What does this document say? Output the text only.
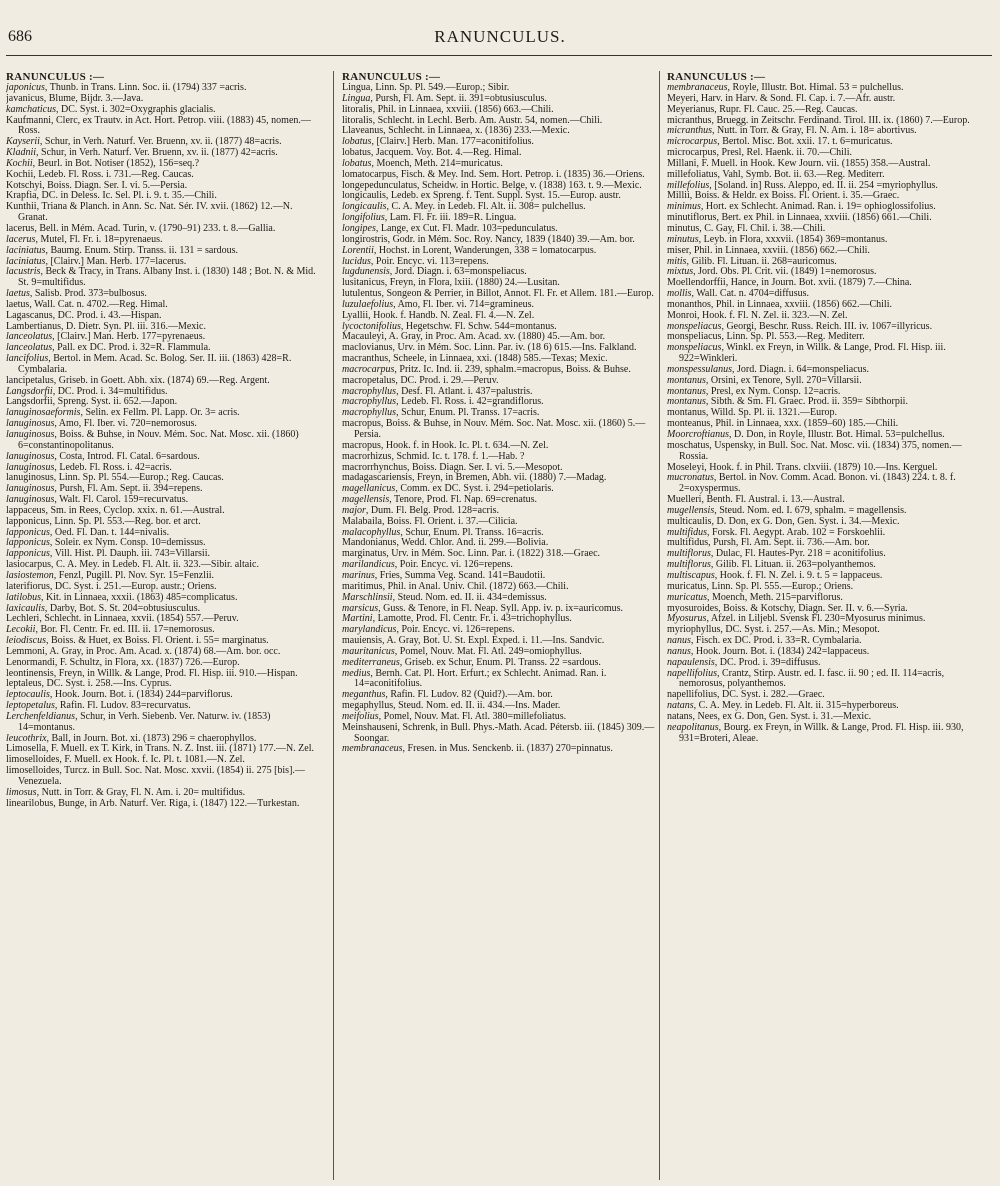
686	RANUNCULUS.
RANUNCULUS :—

japonicus, Thunb. in Trans. Linn. Soc. ii. (1794) 337 =acris.

javanicus, Blume, Bijdr. 3.—Java.

kamchaticus, DC. Syst. i. 302=Oxygraphis glacialis.

Kaufmanni, Clerc, ex Trautv. in Act. Hort. Petrop. viii. (1883) 45, nomen.—Ross.

Kayserii, Schur, in Verh. Naturf. Ver. Bruenn, xv. ii. (1877) 48=acris.

Kladnii, Schur, in Verh. Naturf. Ver. Bruenn, xv. ii. (1877) 42=acris.

Kochii, Beurl. in Bot. Notiser (1852), 156=seq.?

Kochii, Ledeb. Fl. Ross. i. 731.—Reg. Caucas.

Kotschyi, Boiss. Diagn. Ser. I. vi. 5.—Persia.

Krapfia, DC. in Deless. Ic. Sel. Pl. i. 9. t. 35.—Chili.

Kunthii, Triana & Planch. in Ann. Sc. Nat. Sér. IV. xvii. (1862) 12.—N. Granat.

lacerus, Bell. in Mém. Acad. Turin, v. (1790–91) 233. t. 8.—Gallia.

lacerus, Mutel, Fl. Fr. i. 18=pyrenaeus.

laciniatus, Baumg. Enum. Stirp. Transs. ii. 131 = sardous.

laciniatus, [Clairv.] Man. Herb. 177=lacerus.

lacustris, Beck & Tracy, in Trans. Albany Inst. i. (1830) 148 ; Bot. N. & Mid. St. 9=multifidus.

laetus, Salisb. Prod. 373=bulbosus.

laetus, Wall. Cat. n. 4702.—Reg. Himal.

Lagascanus, DC. Prod. i. 43.—Hispan.

Lambertianus, D. Dietr. Syn. Pl. iii. 316.—Mexic.

lanceolatus, [Clairv.] Man. Herb. 177=pyrenaeus.

lanceolatus, Pall. ex DC. Prod. i. 32=R. Flammula.

lancifolius, Bertol. in Mem. Acad. Sc. Bolog. Ser. II. iii. (1863) 428=R. Cymbalaria.

lancipetalus, Griseb. in Goett. Abh. xix. (1874) 69.—Reg. Argent.

Langsdorfii, DC. Prod. i. 34=multifidus.

Langsdorfii, Spreng. Syst. ii. 652.—Japon.

lanuginosaeformis, Selin. ex Fellm. Pl. Lapp. Or. 3= acris.

lanuginosus, Amo, Fl. Iber. vi. 720=nemorosus.

lanuginosus, Boiss. & Buhse, in Nouv. Mém. Soc. Nat. Mosc. xii. (1860) 6=constantinopolitanus.

lanuginosus, Costa, Introd. Fl. Catal. 6=sardous.

lanuginosus, Ledeb. Fl. Ross. i. 42=acris.

lanuginosus, Linn. Sp. Pl. 554.—Europ.; Reg. Caucas.

lanuginosus, Pursh, Fl. Am. Sept. ii. 394=repens.

lanuginosus, Walt. Fl. Carol. 159=recurvatus.

lappaceus, Sm. in Rees, Cyclop. xxix. n. 61.—Austral.

lapponicus, Linn. Sp. Pl. 553.—Reg. bor. et arct.

lapponicus, Oed. Fl. Dan. t. 144=nivalis.

lapponicus, Soleir. ex Nym. Consp. 10=demissus.

lapponicus, Vill. Hist. Pl. Dauph. iii. 743=Villarsii.

lasiocarpus, C. A. Mey. in Ledeb. Fl. Alt. ii. 323.—Sibir. altaic.

lasiostemon, Fenzl, Pugill. Pl. Nov. Syr. 15=Fenzlii.

laterifiorus, DC. Syst. i. 251.—Europ. austr.; Oriens.

latilobus, Kit. in Linnaea, xxxii. (1863) 485=complicatus.

laxicaulis, Darby, Bot. S. St. 204=obtusiusculus.

Lechleri, Schlecht. in Linnaea, xxvii. (1854) 557.—Peruv.

Lecokii, Bor. Fl. Centr. Fr. ed. III. ii. 17=nemorosus.

leiodiscus, Boiss. & Huet, ex Boiss. Fl. Orient. i. 55= marginatus.

Lemmoni, A. Gray, in Proc. Am. Acad. x. (1874) 68.—Am. bor. occ.

Lenormandi, F. Schultz, in Flora, xx. (1837) 726.—Europ.

leontinensis, Freyn, in Willk. & Lange, Prod. Fl. Hisp. iii. 910.—Hispan.

leptaleus, DC. Syst. i. 258.—Ins. Cyprus.

leptocaulis, Hook. Journ. Bot. i. (1834) 244=parviflorus.

leptopetalus, Rafin. Fl. Ludov. 83=recurvatus.

Lerchenfeldianus, Schur, in Verh. Siebenb. Ver. Naturw. iv. (1853) 14=montanus.

leucothrix, Ball, in Journ. Bot. xi. (1873) 296 = chaerophyllos.

Limosella, F. Muell. ex T. Kirk, in Trans. N. Z. Inst. iii. (1871) 177.—N. Zel.

limoselloides, F. Muell. ex Hook. f. Ic. Pl. t. 1081.—N. Zel.

limoselloides, Turcz. in Bull. Soc. Nat. Mosc. xxvii. (1854) ii. 275 [bis].—Venezuela.

limosus, Nutt. in Torr. & Gray, Fl. N. Am. i. 20= multifidus.

linearilobus, Bunge, in Arb. Naturf. Ver. Riga, i. (1847) 122.—Turkestan.

RANUNCULUS :—

Lingua, Linn. Sp. Pl. 549.—Europ.; Sibir.

Lingua, Pursh, Fl. Am. Sept. ii. 391=obtusiusculus.

litoralis, Phil. in Linnaea, xxviii. (1856) 663.—Chili.

litoralis, Schlecht. in Lechl. Berb. Am. Austr. 54, nomen.—Chili.

Llaveanus, Schlecht. in Linnaea, x. (1836) 233.—Mexic.

lobatus, [Clairv.] Herb. Man. 177=aconitifolius.

lobatus, Jacquem. Voy. Bot. 4.—Reg. Himal.

lobatus, Moench, Meth. 214=muricatus.

lomatocarpus, Fisch. & Mey. Ind. Sem. Hort. Petrop. i. (1835) 36.—Oriens.

longepedunculatus, Scheidw. in Hortic. Belge, v. (1838) 163. t. 9.—Mexic.

longicaulis, Ledeb. ex Spreng. f. Tent. Suppl. Syst. 15.—Europ. austr.

longicaulis, C. A. Mey. in Ledeb. Fl. Alt. ii. 308= pulchellus.

longifolius, Lam. Fl. Fr. iii. 189=R. Lingua.

longipes, Lange, ex Cut. Fl. Madr. 103=pedunculatus.

longirostris, Godr. in Mém. Soc. Roy. Nancy, 1839 (1840) 39.—Am. bor.

Lorentii, Hochst. in Lorent, Wanderungen, 338 = lomatocarpus.

lucidus, Poir. Encyc. vi. 113=repens.

lugdunensis, Jord. Diagn. i. 63=monspeliacus.

lusitanicus, Freyn, in Flora, lxiii. (1880) 24.—Lusitan.

lutulentus, Songeon & Perrier, in Billot, Annot. Fl. Fr. et Allem. 181.—Europ.

luzulaefolius, Amo, Fl. Iber. vi. 714=gramineus.

Lyallii, Hook. f. Handb. N. Zeal. Fl. 4.—N. Zel.

lycoctonifolius, Hegetschw. Fl. Schw. 544=montanus.

Macauleyi, A. Gray, in Proc. Am. Acad. xv. (1880) 45.—Am. bor.

maclovianus, Urv. in Mém. Soc. Linn. Par. iv. (18 6) 615.—Ins. Falkland.

macranthus, Scheele, in Linnaea, xxi. (1848) 585.—Texas; Mexic.

macrocarpus, Pritz. Ic. Ind. ii. 239, sphalm.=macropus, Boiss. & Buhse.

macropetalus, DC. Prod. i. 29.—Peruv.

macrophyllus, Desf. Fl. Atlant. i. 437=palustris.

macrophyllus, Ledeb. Fl. Ross. i. 42=grandiflorus.

macrophyllus, Schur, Enum. Pl. Transs. 17=acris.

macropus, Boiss. & Buhse, in Nouv. Mém. Soc. Nat. Mosc. xii. (1860) 5.—Persia.

macropus, Hook. f. in Hook. Ic. Pl. t. 634.—N. Zel.

macrorhizus, Schmid. Ic. t. 178. f. 1.—Hab. ?

macrorrhynchus, Boiss. Diagn. Ser. I. vi. 5.—Mesopot.

madagascariensis, Freyn, in Bremen, Abh. vii. (1880) 7.—Madag.

magellanicus, Comm. ex DC. Syst. i. 294=petiolaris.

magellensis, Tenore, Prod. Fl. Nap. 69=crenatus.

major, Dum. Fl. Belg. Prod. 128=acris.

Malabaila, Boiss. Fl. Orient. i. 37.—Cilicia.

malacophyllus, Schur, Enum. Pl. Transs. 16=acris.

Mandonianus, Wedd. Chlor. And. ii. 299.—Bolivia.

marginatus, Urv. in Mém. Soc. Linn. Par. i. (1822) 318.—Graec.

marilandicus, Poir. Encyc. vi. 126=repens.

marinus, Fries, Summa Veg. Scand. 141=Baudotii.

maritimus, Phil. in Anal. Univ. Chil. (1872) 663.—Chili.

Marschlinsii, Steud. Nom. ed. II. ii. 434=demissus.

marsicus, Guss. & Tenore, in Fl. Neap. Syll. App. iv. p. ix=auricomus.

Martini, Lamotte, Prod. Fl. Centr. Fr. i. 43=trichophyllus.

marylandicus, Poir. Encyc. vi. 126=repens.

mauiensis, A. Gray, Bot. U. St. Expl. Exped. i. 11.—Ins. Sandvic.

mauritanicus, Pomel, Nouv. Mat. Fl. Atl. 249=omiophyllus.

mediterraneus, Griseb. ex Schur, Enum. Pl. Transs. 22 =sardous.

medius, Bernh. Cat. Pl. Hort. Erfurt.; ex Schlecht. Animad. Ran. i. 14=aconitifolius.

meganthus, Rafin. Fl. Ludov. 82 (Quid?).—Am. bor.

megaphyllus, Steud. Nom. ed. II. ii. 434.—Ins. Mader.

meifolius, Pomel, Nouv. Mat. Fl. Atl. 380=millefoliatus.

Meinshauseni, Schrenk, in Bull. Phys.-Math. Acad. Pétersb. iii. (1845) 309.—Soongar.

membranaceus, Fresen. in Mus. Senckenb. ii. (1837) 270=pinnatus.

RANUNCULUS :—

membranaceus, Royle, Illustr. Bot. Himal. 53 = pulchellus.

Meyeri, Harv. in Harv. & Sond. Fl. Cap. i. 7.—Afr. austr.

Meyerianus, Rupr. Fl. Cauc. 25.—Reg. Caucas.

micranthus, Bruegg. in Zeitschr. Ferdinand. Tirol. III. ix. (1860) 7.—Europ.

micranthus, Nutt. in Torr. & Gray, Fl. N. Am. i. 18= abortivus.

microcarpus, Bertol. Misc. Bot. xxii. 17. t. 6=muricatus.

microcarpus, Presl, Rel. Haenk. ii. 70.—Chili.

Millani, F. Muell. in Hook. Kew Journ. vii. (1855) 358.—Austral.

millefoliatus, Vahl, Symb. Bot. ii. 63.—Reg. Mediterr.

millefolius, [Soland. in] Russ. Aleppo, ed. II. ii. 254 =myriophyllus.

Millii, Boiss. & Heldr. ex Boiss. Fl. Orient. i. 35.—Graec.

minimus, Hort. ex Schlecht. Animad. Ran. i. 19= ophioglossifolius.

minutiflorus, Bert. ex Phil. in Linnaea, xxviii. (1856) 661.—Chili.

minutus, C. Gay, Fl. Chil. i. 38.—Chili.

minutus, Leyb. in Flora, xxxvii. (1854) 369=montanus.

miser, Phil. in Linnaea, xxviii. (1856) 662.—Chili.

mitis, Gilib. Fl. Lituan. ii. 268=auricomus.

mixtus, Jord. Obs. Pl. Crit. vii. (1849) 1=nemorosus.

Moellendorffii, Hance, in Journ. Bot. xvii. (1879) 7.—China.

mollis, Wall. Cat. n. 4704=diffusus.

monanthos, Phil. in Linnaea, xxviii. (1856) 662.—Chili.

Monroi, Hook. f. Fl. N. Zel. ii. 323.—N. Zel.

monspeliacus, Georgi, Beschr. Russ. Reich. III. iv. 1067=illyricus.

monspeliacus, Linn. Sp. Pl. 553.—Reg. Mediterr.

monspeliacus, Winkl. ex Freyn, in Willk. & Lange, Prod. Fl. Hisp. iii. 922=Winkleri.

monspessulanus, Jord. Diagn. i. 64=monspeliacus.

montanus, Orsini, ex Tenore, Syll. 270=Villarsii.

montanus, Presl, ex Nym. Consp. 12=acris.

montanus, Sibth. & Sm. Fl. Graec. Prod. ii. 359= Sibthorpii.

montanus, Willd. Sp. Pl. ii. 1321.—Europ.

monteanus, Phil. in Linnaea, xxx. (1859–60) 185.—Chili.

Moorcroftianus, D. Don, in Royle, Illustr. Bot. Himal. 53=pulchellus.

moschatus, Uspensky, in Bull. Soc. Nat. Mosc. vii. (1834) 375, nomen.—Rossia.

Moseleyi, Hook. f. in Phil. Trans. clxviii. (1879) 10.—Ins. Kerguel.

mucronatus, Bertol. in Nov. Comm. Acad. Bonon. vi. (1843) 224. t. 8. f. 2=oxyspermus.

Muelleri, Benth. Fl. Austral. i. 13.—Austral.

mugellensis, Steud. Nom. ed. I. 679, sphalm. = magellensis.

multicaulis, D. Don, ex G. Don, Gen. Syst. i. 34.—Mexic.

multifidus, Forsk. Fl. Aegypt. Arab. 102 = Forskoehlii.

multifidus, Pursh, Fl. Am. Sept. ii. 736.—Am. bor.

multiflorus, Dulac, Fl. Hautes-Pyr. 218 = aconitifolius.

multiflorus, Gilib. Fl. Lituan. ii. 263=polyanthemos.

multiscapus, Hook. f. Fl. N. Zel. i. 9. t. 5 = lappaceus.

muricatus, Linn. Sp. Pl. 555.—Europ.; Oriens.

muricatus, Moench, Meth. 215=parviflorus.

myosuroides, Boiss. & Kotschy, Diagn. Ser. II. v. 6.—Syria.

Myosurus, Afzel. in Liljebl. Svensk Fl. 230=Myosurus minimus.

myriophyllus, DC. Syst. i. 257.—As. Min.; Mesopot.

nanus, Fisch. ex DC. Prod. i. 33=R. Cymbalaria.

nanus, Hook. Journ. Bot. i. (1834) 242=lappaceus.

napaulensis, DC. Prod. i. 39=diffusus.

napellifolius, Crantz, Stirp. Austr. ed. I. fasc. ii. 90 ; ed. II. 114=acris, nemorosus, polyanthemos.

napellifolius, DC. Syst. i. 282.—Graec.

natans, C. A. Mey. in Ledeb. Fl. Alt. ii. 315=hyperboreus.

natans, Nees, ex G. Don, Gen. Syst. i. 31.—Mexic.

neapolitanus, Bourg. ex Freyn, in Willk. & Lange, Prod. Fl. Hisp. iii. 930, 931=Broteri, Aleae.
